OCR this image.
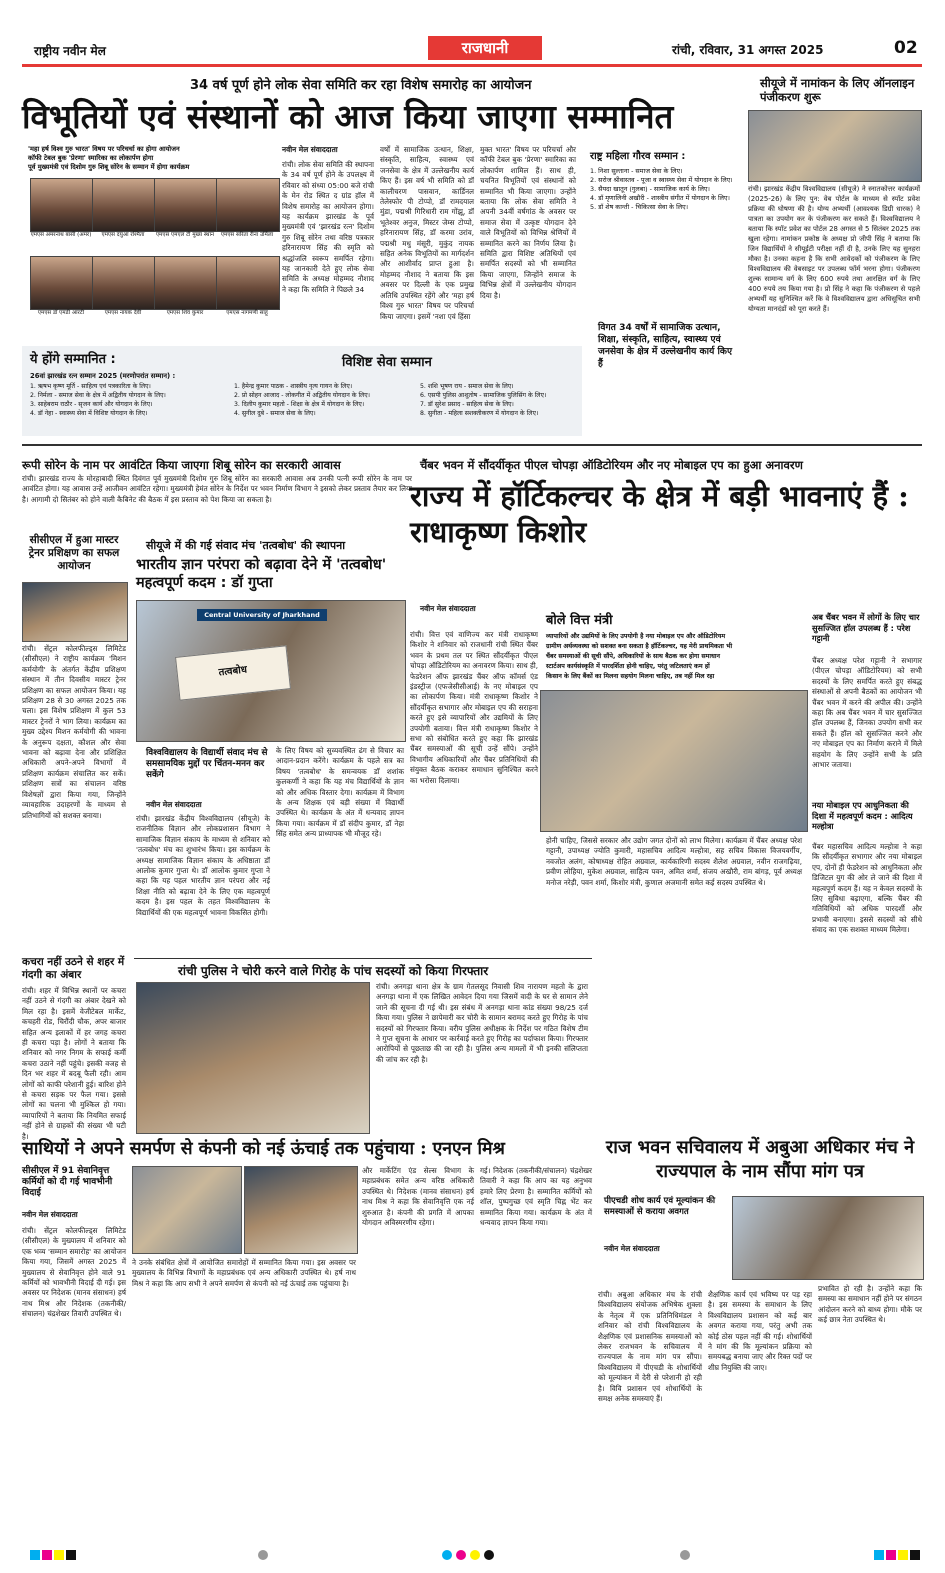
राष्ट्रीय नवीन मेल	राजधानी	रांची, रविवार, 31 अगस्त 2025	02
34 वर्ष पूर्ण होने लोक सेवा समिति कर रहा विशेष समारोह का आयोजन
विभूतियों एवं संस्थानों को आज किया जाएगा सम्मानित
'महा हर्ष विश्व गुरु भारत' विषय पर परिचर्चा का होगा आयोजन
कॉफी टेबल बुक 'प्रेरणा' स्मारिका का लोकार्पण होगा
पूर्व मुख्यमंत्री एवं दिशोम गुरु शिबू सोरेन के सम्मान में होगा कार्यक्रम
एमएस अमरनाथ बासी (अमर)	एमएस दयुआ रश्मिता	एमएस एमएल टी मुख्य स्थान	एमएस सरिता रीना उर्मिला
एमएस डॉ एमडी आरटी	एमएस नायक देवी	एमएस शिव कुमार	एमएस नागमणी साहू
नवीन मेल संवाददाता
रांची। लोक सेवा समिति की स्थापना के 34 वर्ष पूर्ण होने के उपलक्ष्य में रविवार को संध्या 05:00 बजे रांची के मेन रोड स्थित द ग्रांड हॉल में विशेष समारोह का आयोजन होगा। यह कार्यक्रम झारखंड के पूर्व मुख्यमंत्री एवं 'झारखंड रत्न' दिशोम गुरु शिबू सोरेन तथा वरिष्ठ पत्रकार हरिनारायण सिंह की स्मृति को श्रद्धांजलि स्वरूप समर्पित रहेगा। यह जानकारी देते हुए लोक सेवा समिति के अध्यक्ष मोहम्मद नौशाद ने कहा कि समिति ने पिछले 34
वर्षों में सामाजिक उत्थान, शिक्षा, संस्कृति, साहित्य, स्वास्थ्य एवं जनसेवा के क्षेत्र में उल्लेखनीय कार्य किए हैं। इस वर्ष भी समिति को डॉ कालीचरण पासवान, कार्डिनल तेलेस्फोर पी टोप्पो, डॉ रामदयाल मुंडा, पद्मश्री गिरिधारी राम गोंझू, डॉ भूतेश्वर अनुज, मिस्टर जेम्स टोप्पो, हरिनारायण सिंह, डॉ करमा उरांव, पद्मश्री मधु मंसूरी, मुकुंद नायक सहित अनेक विभूतियों का मार्गदर्शन और आशीर्वाद प्राप्त हुआ है। मोहम्मद नौशाद ने बताया कि इस अवसर पर दिल्ली के एक प्रमुख अतिथि उपस्थित रहेंगे और 'महा हर्ष विश्व गुरु भारत' विषय पर परिचर्चा किया जाएगा। इसमें 'नशा एवं हिंसा
मुक्त भारत' विषय पर परिचर्चा और कॉफी टेबल बुक 'प्रेरणा' स्मारिका का लोकार्पण शामिल हैं। साथ ही, चयनित विभूतियों एवं संस्थानों को सम्मानित भी किया जाएगा। उन्होंने बताया कि लोक सेवा समिति ने अपनी 34वीं वर्षगांठ के अवसर पर समाज सेवा में उत्कृष्ट योगदान देने वाले विभूतियों को विभिन्न श्रेणियों में सम्मानित करने का निर्णय लिया है। समिति द्वारा विशिष्ट अतिथियों एवं समर्पित सदस्यों को भी सम्मानित किया जाएगा, जिन्होंने समाज के विभिन्न क्षेत्रों में उल्लेखनीय योगदान दिया है।
राष्ट्र महिला गौरव सम्मान :
1. निशा सुल्ताना - समाज सेवा के लिए।
2. सरोज श्रीवास्तव - पूजा व स्वास्थ्य सेवा में योगदान के लिए।
3. सैयदा खातून (गुलबा) - सामाजिक कार्य के लिए।
4. डॉ मृणालिनी अखौरी - शास्त्रीय संगीत में योगदान के लिए।
5. डॉ शेष कान्ती - चिकित्सा सेवा के लिए।
विगत 34 वर्षों में सामाजिक उत्थान, शिक्षा, संस्कृति, साहित्य, स्वास्थ्य एवं जनसेवा के क्षेत्र में उल्लेखनीय कार्य किए हैं
ये होंगे सम्मानित :
26वां झारखंड रत्न सम्मान 2025 (मरणोपरांत सम्मान) :
1. ऋषभ कृष्ण मूर्ति - साहित्य एवं पत्रकारिता के लिए।
2. निर्मला - समाज सेवा के क्षेत्र में अद्वितीय योगदान के लिए।
3. साहेबराम राठौर - सृजन कार्य और योगदान के लिए।
4. डॉ नेहा - स्वास्थ्य सेवा में विशिष्ट योगदान के लिए।
विशिष्ट सेवा सम्मान
1. हैमेन्द्र कुमार पाठक - शास्त्रीय नृत्य गायन के लिए।
2. प्रो सोहन आजाद - लोकगीत में अद्वितीय योगदान के लिए।
3. दिलीप कुमार महतो - शिक्षा के क्षेत्र में योगदान के लिए।
4. सुनील दुबे - समाज सेवा के लिए।
5. शशि भूषण राय - समाज सेवा के लिए।
6. एसपी पुलिस आशुतोष - सामाजिक पुलिसिंग के लिए।
7. डॉ सुरेश प्रसाद - साहित्य सेवा के लिए।
8. सुनीता - महिला सशक्तीकरण में योगदान के लिए।
सीयूजे में नामांकन के लिए ऑनलाइन पंजीकरण शुरू
रांची। झारखंड केंद्रीय विश्वविद्यालय (सीयूजे) ने स्नातकोत्तर कार्यक्रमों (2025-26) के लिए पुन: वेब पोर्टल के माध्यम से स्पॉट प्रवेश प्रक्रिया की घोषणा की है। योग्य अभ्यर्थी (आवश्यक डिग्री धारक) ने पात्रता का उपयोग कर के पंजीकरण कर सकते हैं। विश्वविद्यालय ने बताया कि स्पॉट प्रवेश का पोर्टल 28 अगस्त से 5 सितंबर 2025 तक खुला रहेगा। नामांकन प्रकोष्ठ के अध्यक्ष प्रो जीपी सिंह ने बताया कि जिन विद्यार्थियों ने सीयूईटी परीक्षा नहीं दी है, उनके लिए यह सुनहरा मौका है। उनका कहना है कि सभी आवेदकों को पंजीकरण के लिए विश्वविद्यालय की वेबसाइट पर उपलब्ध फॉर्म भरना होगा। पंजीकरण शुल्क सामान्य वर्ग के लिए 600 रुपये तथा आरक्षित वर्ग के लिए 400 रुपये तय किया गया है। प्रो सिंह ने कहा कि पंजीकरण से पहले अभ्यर्थी यह सुनिश्चित करें कि वे विश्वविद्यालय द्वारा अधिसूचित सभी योग्यता मानदंडों को पूरा करते हैं।
रूपी सोरेन के नाम पर आवंटित किया जाएगा शिबू सोरेन का सरकारी आवास
रांची। झारखंड राज्य के मोरहाबादी स्थित दिवंगत पूर्व मुख्यमंत्री दिशोम गुरु शिबू सोरेन का सरकारी आवास अब उनकी पत्नी रूपी सोरेन के नाम पर आवंटित होगा। यह आवास उन्हें आजीवन आवंटित रहेगा। मुख्यमंत्री हेमंत सोरेन के निर्देश पर भवन निर्माण विभाग ने इसको लेकर प्रस्ताव तैयार कर लिया है। आगामी दो सितंबर को होने वाली कैबिनेट की बैठक में इस प्रस्ताव को पेश किया जा सकता है।
सीसीएल में हुआ मास्टर ट्रेनर प्रशिक्षण का सफल आयोजन
रांची। सेंट्रल कोलफील्ड्स लिमिटेड (सीसीएल) ने राष्ट्रीय कार्यक्रम 'मिशन कर्मयोगी' के अंतर्गत केंद्रीय प्रशिक्षण संस्थान में तीन दिवसीय मास्टर ट्रेनर प्रशिक्षण का सफल आयोजन किया। यह प्रशिक्षण 28 से 30 अगस्त 2025 तक चला। इस विशेष प्रशिक्षण में कुल 53 मास्टर ट्रेनरों ने भाग लिया। कार्यक्रम का मुख्य उद्देश्य मिशन कर्मयोगी की भावना के अनुरूप दक्षता, कौशल और सेवा भावना को बढ़ावा देना और प्रशिक्षित अधिकारी अपने-अपने विभागों में प्रशिक्षण कार्यक्रम संचालित कर सकें। प्रशिक्षण सत्रों का संचालन वरिष्ठ विशेषज्ञों द्वारा किया गया, जिन्होंने व्यावहारिक उदाहरणों के माध्यम से प्रतिभागियों को सशक्त बनाया।
कचरा नहीं उठने से शहर में गंदगी का अंबार
रांची। शहर में विभिन्न स्थानों पर कचरा नहीं उठने से गंदगी का अंबार देखने को मिल रहा है। इसमें वेजीटेबल मार्केट, कचहरी रोड, चिरौंदी चौक, अपर बाजार सहित अन्य इलाकों में हर जगह कचरा ही कचरा पड़ा है। लोगों ने बताया कि शनिवार को नगर निगम के सफाई कर्मी कचरा उठाने नहीं पहुंचे। इसकी वजह से दिन भर शहर में बदबू फैली रही। आम लोगों को काफी परेशानी हुई। बारिश होने से कचरा सड़क पर फैल गया। इससे लोगों का चलना भी मुश्किल हो गया। व्यापारियों ने बताया कि नियमित सफाई नहीं होने से ग्राहकों की संख्या भी घटी है।
सीयूजे में की गई संवाद मंच 'तत्वबोध' की स्थापना
भारतीय ज्ञान परंपरा को बढ़ावा देने में 'तत्वबोध' महत्वपूर्ण कदम : डॉ गुप्ता
तत्वबोध
Central University of Jharkhand
विश्वविद्यालय के विद्यार्थी संवाद मंच से समसामयिक मुद्दों पर चिंतन-मनन कर सकेंगे
नवीन मेल संवाददाता
रांची। झारखंड केंद्रीय विश्वविद्यालय (सीयूजे) के राजनीतिक विज्ञान और लोकप्रशासन विभाग ने सामाजिक विज्ञान संकाय के माध्यम से शनिवार को 'तत्वबोध' मंच का शुभारंभ किया। इस कार्यक्रम के अध्यक्ष सामाजिक विज्ञान संकाय के अधिष्ठाता डॉ आलोक कुमार गुप्ता थे। डॉ आलोक कुमार गुप्ता ने कहा कि यह पहल भारतीय ज्ञान परंपरा और नई शिक्षा नीति को बढ़ावा देने के लिए एक महत्वपूर्ण कदम है। इस पहल के तहत विश्वविद्यालय के विद्यार्थियों की एक महत्वपूर्ण भावना विकसित होगी।
के लिए विषय को सुव्यवस्थित ढंग से विचार का आदान-प्रदान करेंगे। कार्यक्रम के पहले सत्र का विषय 'तत्वबोध' के समन्वयक डॉ शशांक कुलकर्णी ने कहा कि यह मंच विद्यार्थियों के ज्ञान को और अधिक विस्तार देगा। कार्यक्रम में विभाग के अन्य शिक्षक एवं बड़ी संख्या में विद्यार्थी उपस्थित थे। कार्यक्रम के अंत में धन्यवाद ज्ञापन किया गया। कार्यक्रम में डॉ संदीप कुमार, डॉ नेहा सिंह समेत अन्य प्राध्यापक भी मौजूद रहे।
चैंबर भवन में सौंदर्यीकृत पीएल चोपड़ा ऑडिटोरियम और नए मोबाइल एप का हुआ अनावरण
राज्य में हॉर्टिकल्चर के क्षेत्र में बड़ी भावनाएं हैं : राधाकृष्ण किशोर
नवीन मेल संवाददाता
रांची। वित्त एवं वाणिज्य कर मंत्री राधाकृष्ण किशोर ने शनिवार को राजधानी रांची स्थित चैंबर भवन के प्रथम तल पर स्थित सौंदर्यीकृत पीएल चोपड़ा ऑडिटोरियम का अनावरण किया। साथ ही, फेडरेशन ऑफ झारखंड चैंबर ऑफ कॉमर्स एंड इंडस्ट्रीज (एफजेसीसीआई) के नए मोबाइल एप का लोकार्पण किया। मंत्री राधाकृष्ण किशोर ने सौंदर्यीकृत सभागार और मोबाइल एप की सराहना करते हुए इसे व्यापारियों और उद्यमियों के लिए उपयोगी बताया। वित्त मंत्री राधाकृष्ण किशोर ने सभा को संबोधित करते हुए कहा कि झारखंड चैंबर समस्याओं की सूची उन्हें सौंपे। उन्होंने विभागीय अधिकारियों और चैंबर प्रतिनिधियों की संयुक्त बैठक कराकर समाधान सुनिश्चित करने का भरोसा दिलाया।
बोले वित्त मंत्री
व्यापारियों और उद्यमियों के लिए उपयोगी है नया मोबाइल एप और ऑडिटोरियम
ग्रामीण अर्थव्यवस्था को सशक्त बना सकता है हॉर्टिकल्चर, यह मेरी प्राथमिकता भी
चैंबर समस्याओं की सूची सौंपे, अधिकारियों के साथ बैठक कर होगा समाधान
स्टार्टअप कार्यसंस्कृति में पारदर्शिता होनी चाहिए, परंतु जटिलताएं कम हों
किसान के लिए बैंकों का मिलना सहयोग मिलना चाहिए, तब नहीं मिल रहा
होनी चाहिए, जिससे सरकार और उद्योग जगत दोनों को लाभ मिलेगा। कार्यक्रम में चैंबर अध्यक्ष परेश गट्टानी, उपाध्यक्ष ज्योति कुमारी, महासचिव आदित्य मल्होत्रा, सह सचिव विकास विजयवर्गीय, नवजोत अलंग, कोषाध्यक्ष रोहित अग्रवाल, कार्यकारिणी सदस्य शैलेश अग्रवाल, नवीन राजगढ़िया, प्रवीण लोहिया, मुकेश अग्रवाल, साहित्य पवन, अमित शर्मा, संजय अखौरी, राम बांगड़, पूर्व अध्यक्ष मनोज नरेड़ी, पवन शर्मा, किशोर मंत्री, कुणाल अजमानी समेत कई सदस्य उपस्थित थे।
अब चैंबर भवन में लोगों के लिए चार सुसज्जित हॉल उपलब्ध हैं : परेश गट्टानी
चैंबर अध्यक्ष परेश गट्टानी ने सभागार (पीएल चोपड़ा ऑडिटोरियम) को सभी सदस्यों के लिए समर्पित करते हुए संबद्ध संस्थाओं से अपनी बैठकों का आयोजन भी चैंबर भवन में करने की अपील की। उन्होंने कहा कि अब चैंबर भवन में चार सुसज्जित हॉल उपलब्ध हैं, जिनका उपयोग सभी कर सकते हैं। हॉल को सुसज्जित करने और नए मोबाइल एप का निर्माण कराने में मिले सहयोग के लिए उन्होंने सभी के प्रति आभार जताया।
नया मोबाइल एप आधुनिकता की दिशा में महत्वपूर्ण कदम : आदित्य मल्होत्रा
चैंबर महासचिव आदित्य मल्होत्रा ने कहा कि सौंदर्यीकृत सभागार और नया मोबाइल एप, दोनों ही फेडरेशन को आधुनिकता और डिजिटल युग की ओर ले जाने की दिशा में महत्वपूर्ण कदम हैं। यह न केवल सदस्यों के लिए सुविधा बढ़ाएगा, बल्कि चैंबर की गतिविधियों को अधिक पारदर्शी और प्रभावी बनाएगा। इससे सदस्यों को सीधे संवाद का एक सशक्त माध्यम मिलेगा।
रांची पुलिस ने चोरी करने वाले गिरोह के पांच सदस्यों को किया गिरफ्तार
रांची। अनगड़ा थाना क्षेत्र के ग्राम गेतलसूद निवासी शिव नारायण महतो के द्वारा अनगड़ा थाना में एक लिखित आवेदन दिया गया जिसमें वादी के घर से सामान लेने जाने की सूचना दी गई थी। इस संबंध में अनगड़ा थाना कांड संख्या 98/25 दर्ज किया गया। पुलिस ने छापेमारी कर चोरी के सामान बरामद करते हुए गिरोह के पांच सदस्यों को गिरफ्तार किया। वरीय पुलिस अधीक्षक के निर्देश पर गठित विशेष टीम ने गुप्त सूचना के आधार पर कार्रवाई करते हुए गिरोह का पर्दाफाश किया। गिरफ्तार आरोपियों से पूछताछ की जा रही है। पुलिस अन्य मामलों में भी इनकी संलिप्तता की जांच कर रही है।
राज भवन सचिवालय में अबुआ अधिकार मंच ने राज्यपाल के नाम सौंपा मांग पत्र
पीएचडी शोध कार्य एवं मूल्यांकन की समस्याओं से कराया अवगत
नवीन मेल संवाददाता
रांची। अबुआ अधिकार मंच के रांची विश्वविद्यालय संयोजक अभिषेक शुक्ला के नेतृत्व में एक प्रतिनिधिमंडल ने शनिवार को रांची विश्वविद्यालय के शैक्षणिक एवं प्रशासनिक समस्याओं को लेकर राजभवन के सचिवालय में राज्यपाल के नाम मांग पत्र सौंपा। विश्वविद्यालय में पीएचडी के शोधार्थियों को मूल्यांकन में देरी से परेशानी हो रही है। विवि प्रशासन एवं शोधार्थियों के समक्ष अनेक समस्याएं हैं।
शैक्षणिक कार्य एवं भविष्य पर पड़ रहा है। इस समस्या के समाधान के लिए विश्वविद्यालय प्रशासन को कई बार अवगत कराया गया, परंतु अभी तक कोई ठोस पहल नहीं की गई। शोधार्थियों ने मांग की कि मूल्यांकन प्रक्रिया को समयबद्ध बनाया जाए और रिक्त पदों पर शीघ्र नियुक्ति की जाए।
प्रभावित हो रही है। उन्होंने कहा कि समस्या का समाधान नहीं होने पर संगठन आंदोलन करने को बाध्य होगा। मौके पर कई छात्र नेता उपस्थित थे।
साथियों ने अपने समर्पण से कंपनी को नई ऊंचाई तक पहुंचाया : एनएन मिश्र
सीसीएल में 91 सेवानिवृत्त कर्मियों को दी गई भावभीनी विदाई
नवीन मेल संवाददाता
रांची। सेंट्रल कोलफील्ड्स लिमिटेड (सीसीएल) के मुख्यालय में शनिवार को एक भव्य 'सम्मान समारोह' का आयोजन किया गया, जिसमें अगस्त 2025 में मुख्यालय से सेवानिवृत्त होने वाले 91 कर्मियों को भावभीनी विदाई दी गई। इस अवसर पर निदेशक (मानव संसाधन) हर्ष नाथ मिश्र और निदेशक (तकनीकी/संचालन) चंद्रशेखर तिवारी उपस्थित थे।
ने उनके संबंधित क्षेत्रों में आयोजित समारोहों में सम्मानित किया गया। इस अवसर पर मुख्यालय के विभिन्न विभागों के महाप्रबंधक एवं अन्य अधिकारी उपस्थित थे। हर्ष नाथ मिश्र ने कहा कि आप सभी ने अपने समर्पण से कंपनी को नई ऊंचाई तक पहुंचाया है।
और मार्केटिंग एंड सेल्स विभाग के महाप्रबंधक समेत अन्य वरिष्ठ अधिकारी उपस्थित थे। निदेशक (मानव संसाधन) हर्ष नाथ मिश्र ने कहा कि सेवानिवृत्ति एक नई शुरुआत है। कंपनी की प्रगति में आपका योगदान अविस्मरणीय रहेगा।
गई। निदेशक (तकनीकी/संचालन) चंद्रशेखर तिवारी ने कहा कि आप का यह अनुभव हमारे लिए प्रेरणा है। सम्मानित कर्मियों को शॉल, पुष्पगुच्छ एवं स्मृति चिह्न भेंट कर सम्मानित किया गया। कार्यक्रम के अंत में धन्यवाद ज्ञापन किया गया।
